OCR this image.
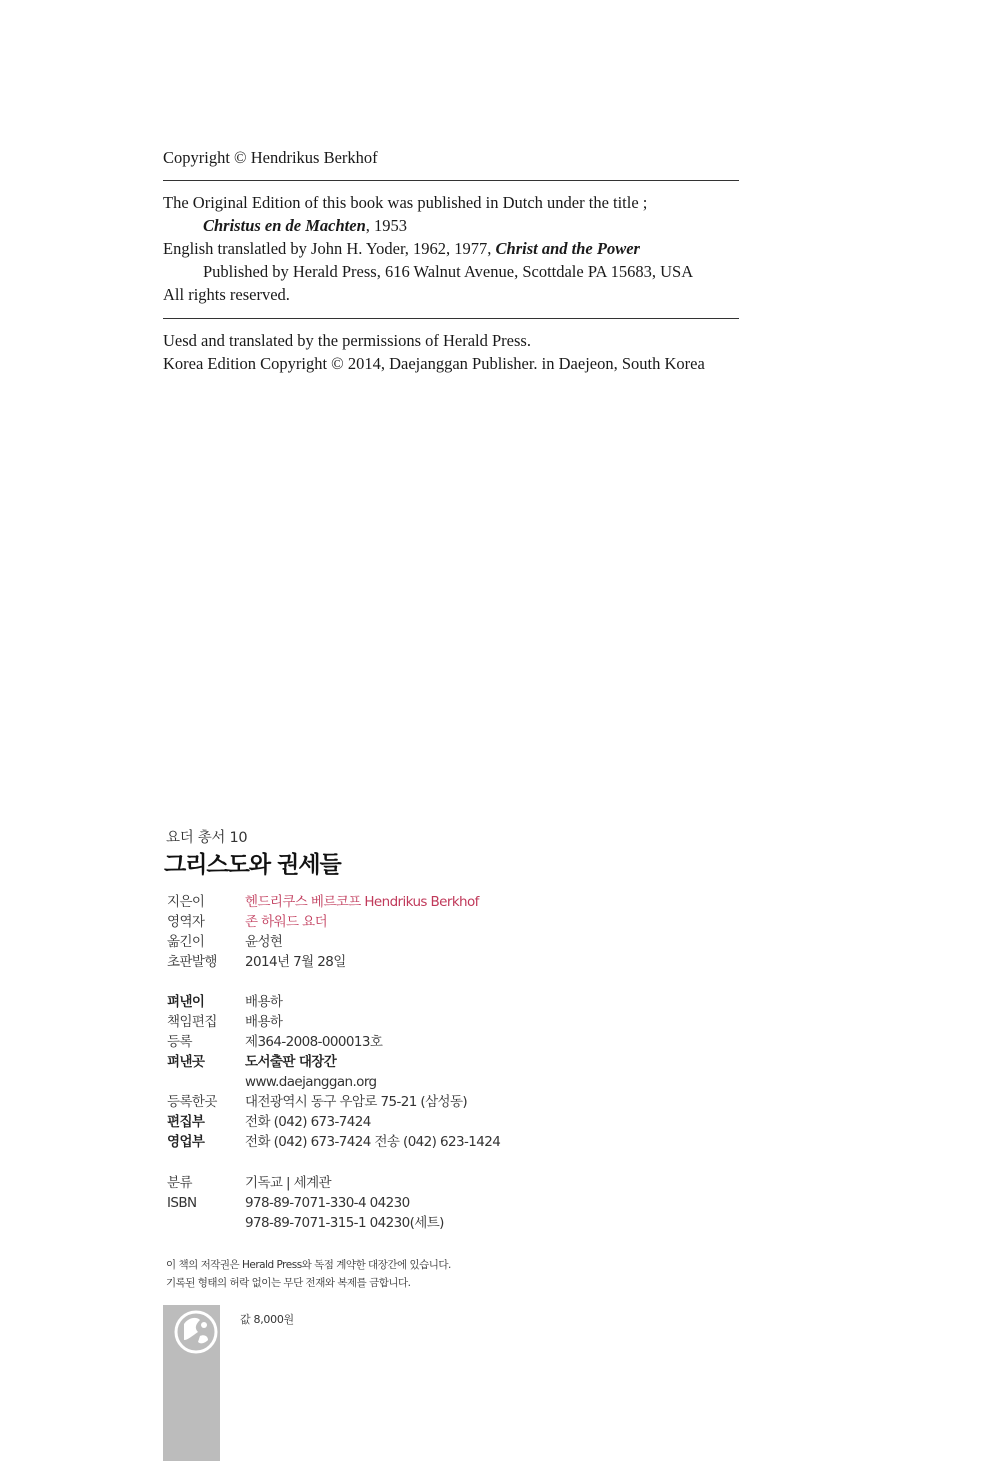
Copyright © Hendrikus Berkhof
The Original Edition of this book was published in Dutch under the title ;
Christus en de Machten, 1953
English translatled by John H. Yoder, 1962, 1977, Christ and the Power
Published by Herald Press, 616 Walnut Avenue, Scottdale PA 15683, USA
All rights reserved.
Uesd and translated by the permissions of Herald Press.
Korea Edition Copyright © 2014, Daejanggan Publisher. in Daejeon, South Korea
요더 총서 10
그리스도와 권세들
지은이	헨드리쿠스 베르코프 Hendrikus Berkhof
영역자	존 하워드 요더
옮긴이	윤성현
초판발행	2014년 7월 28일
펴낸이	배용하
책임편집	배용하
등록	제364-2008-000013호
펴낸곳	도서출판 대장간
www.daejanggan.org
등록한곳	대전광역시 동구 우암로 75-21 (삼성동)
편집부	전화 (042) 673-7424
영업부	전화 (042) 673-7424 전송 (042) 623-1424
분류	기독교 | 세계관
ISBN	978-89-7071-330-4 04230
978-89-7071-315-1 04230(세트)
이 책의 저작권은 Herald Press와 독점 계약한 대장간에 있습니다.
기록된 형태의 허락 없이는 무단 전재와 복제를 금합니다.
값 8,000원
